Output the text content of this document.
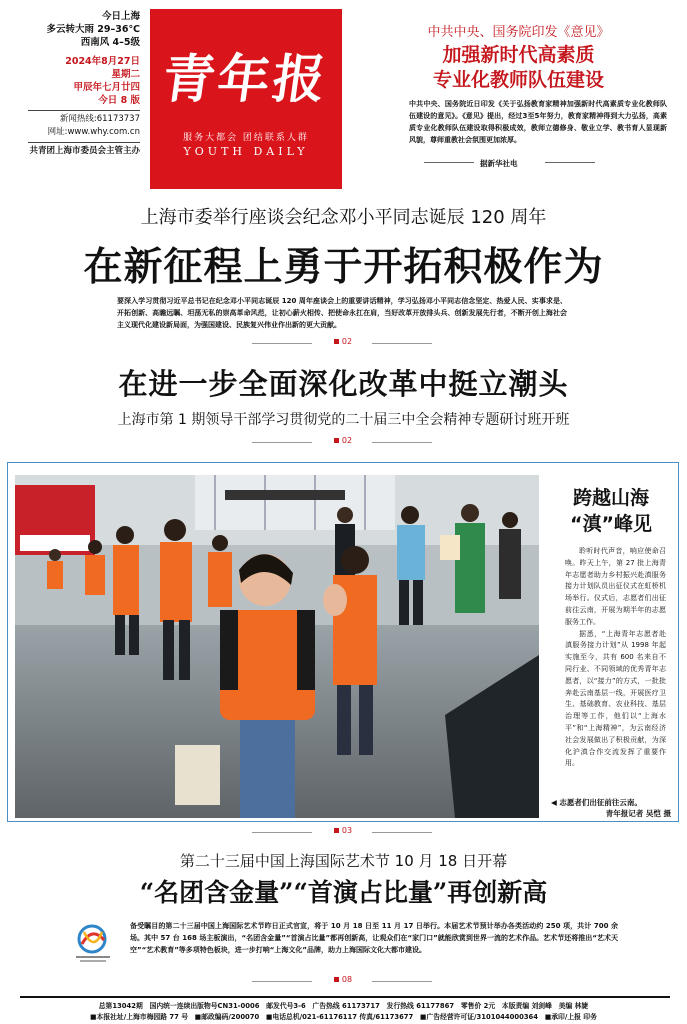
今日上海
多云转大雨 29–36℃
西南风 4–5级
2024年8月27日
星期二
甲辰年七月廿四
今日 8 版
新闻热线:61173737
网址:www.why.com.cn
共青团上海市委员会主管主办
青年报
服务大都会 团结联系人群
YOUTH DAILY
中共中央、国务院印发《意见》
加强新时代高素质
专业化教师队伍建设
中共中央、国务院近日印发《关于弘扬教育家精神加强新时代高素质专业化教师队伍建设的意见》。《意见》提出，经过3至5年努力，教育家精神得到大力弘扬，高素质专业化教师队伍建设取得积极成效，教师立德修身、敬业立学、教书育人显现新风貌，尊师重教社会氛围更加浓厚。
据新华社电
上海市委举行座谈会纪念邓小平同志诞辰 120 周年
在新征程上勇于开拓积极作为
要深入学习贯彻习近平总书记在纪念邓小平同志诞辰 120 周年座谈会上的重要讲话精神，学习弘扬邓小平同志信念坚定、热爱人民、实事求是、开拓创新、高瞻远瞩、坦荡无私的崇高革命风范，让初心薪火相传、把使命永扛在肩，当好改革开放排头兵、创新发展先行者，不断开创上海社会主义现代化建设新局面，为强国建设、民族复兴伟业作出新的更大贡献。
02
在进一步全面深化改革中挺立潮头
上海市第 1 期领导干部学习贯彻党的二十届三中全会精神专题研讨班开班
02
跨越山海
“滇”峰见

聆听时代声音，响应使命召唤。昨天上午，第 27 批上海青年志愿者助力乡村振兴赴滇服务接力计划队员出征仪式在虹桥机场举行。仪式后，志愿者们出征前往云南，开展为期半年的志愿服务工作。

据悉，“上海青年志愿者赴滇服务接力计划”从 1998 年起实施至今，共有 600 名来自不同行业、不同领域的优秀青年志愿者，以“接力”的方式，一批批奔赴云南基层一线，开展医疗卫生、基础教育、农业科技、基层治理等工作，他们以“上海水平”和“上海精神”，为云南经济社会发展做出了积极贡献，为深化沪滇合作交流发挥了重要作用。

◀ 志愿者们出征前往云南。
青年报记者 吴恺 摄
03
第二十三届中国上海国际艺术节 10 月 18 日开幕
“名团含金量”“首演占比量”再创新高
备受瞩目的第二十三届中国上海国际艺术节昨日正式官宣，将于 10 月 18 日至 11 月 17 日举行。本届艺术节预计举办各类活动约 250 项，共计 700 余场。其中 57 台 168 场主板演出，“名团含金量”“首演占比量”都再创新高，让观众们在“家门口”就能欣赏到世界一流的艺术作品。艺术节还将推出“艺术天空”“艺术教育”等多项特色板块，进一步打响“上海文化”品牌，助力上海国际文化大都市建设。
08
总第13042期　国内统一连续出版物号CN31-0006　邮发代号3-6　广告热线 61173717　发行热线 61177867　零售价 2元　本版责编 刘剑峰　美编 林婕
■本报社址/上海市梅园路 77 号　■邮政编码/200070　■电话总机/021-61176117 传真/61173677　■广告经营许可证/3101044000364　■承印/上报 印务
